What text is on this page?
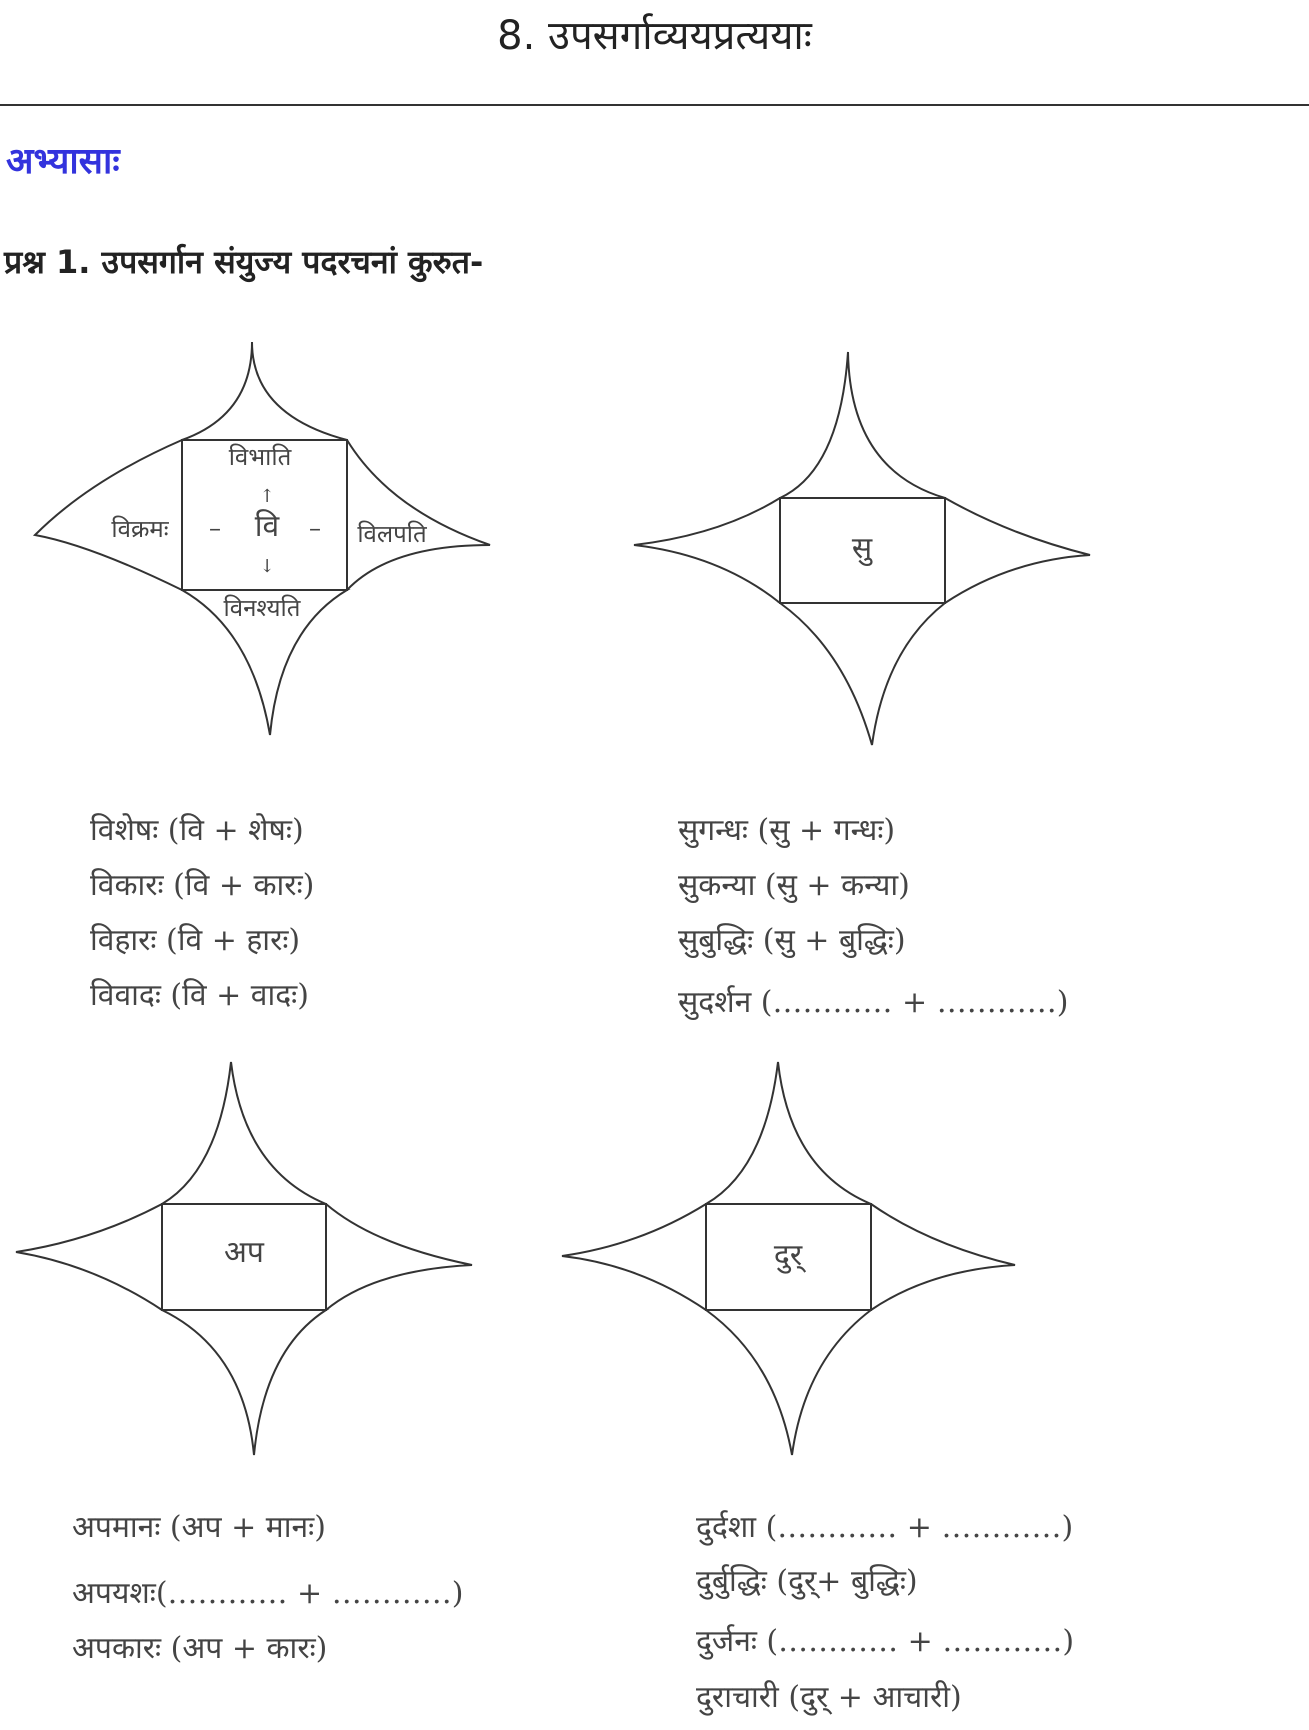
8. उपसर्गाव्ययप्रत्ययाः
अभ्यासाः
प्रश्न 1. उपसर्गान संयुज्य पदरचनां कुरुत-
वि
–	–
↑
↓
विभाति
विक्रमः	विलपति
विनश्यति
सु
अप	दुर्
विशेषः (वि + शेषः)
विकारः (वि + कारः)
विहारः (वि + हारः)
विवादः (वि + वादः)
सुगन्धः (सु + गन्धः)
सुकन्या (सु + कन्या)
सुबुद्धिः (सु + बुद्धिः)
सुदर्शन (………… + …………)
अपमानः (अप + मानः)
अपयशः(………… + …………)
अपकारः (अप + कारः)
दुर्दशा (………… + …………)
दुर्बुद्धिः (दुर्+ बुद्धिः)
दुर्जनः (………… + …………)
दुराचारी (दुर् + आचारी)
